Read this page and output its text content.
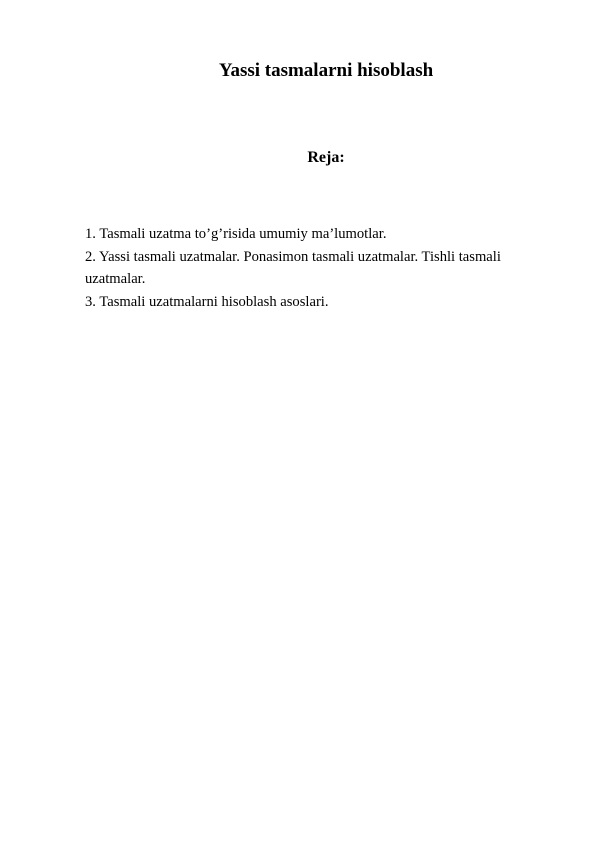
Yassi tasmalarni hisoblash
Reja:
1. Tasmali uzatma to’g’risida umumiy ma’lumotlar.
2. Yassi tasmali uzatmalar. Ponasimon tasmali uzatmalar. Tishli tasmali uzatmalar.
3. Tasmali uzatmalarni hisoblash asoslari.
